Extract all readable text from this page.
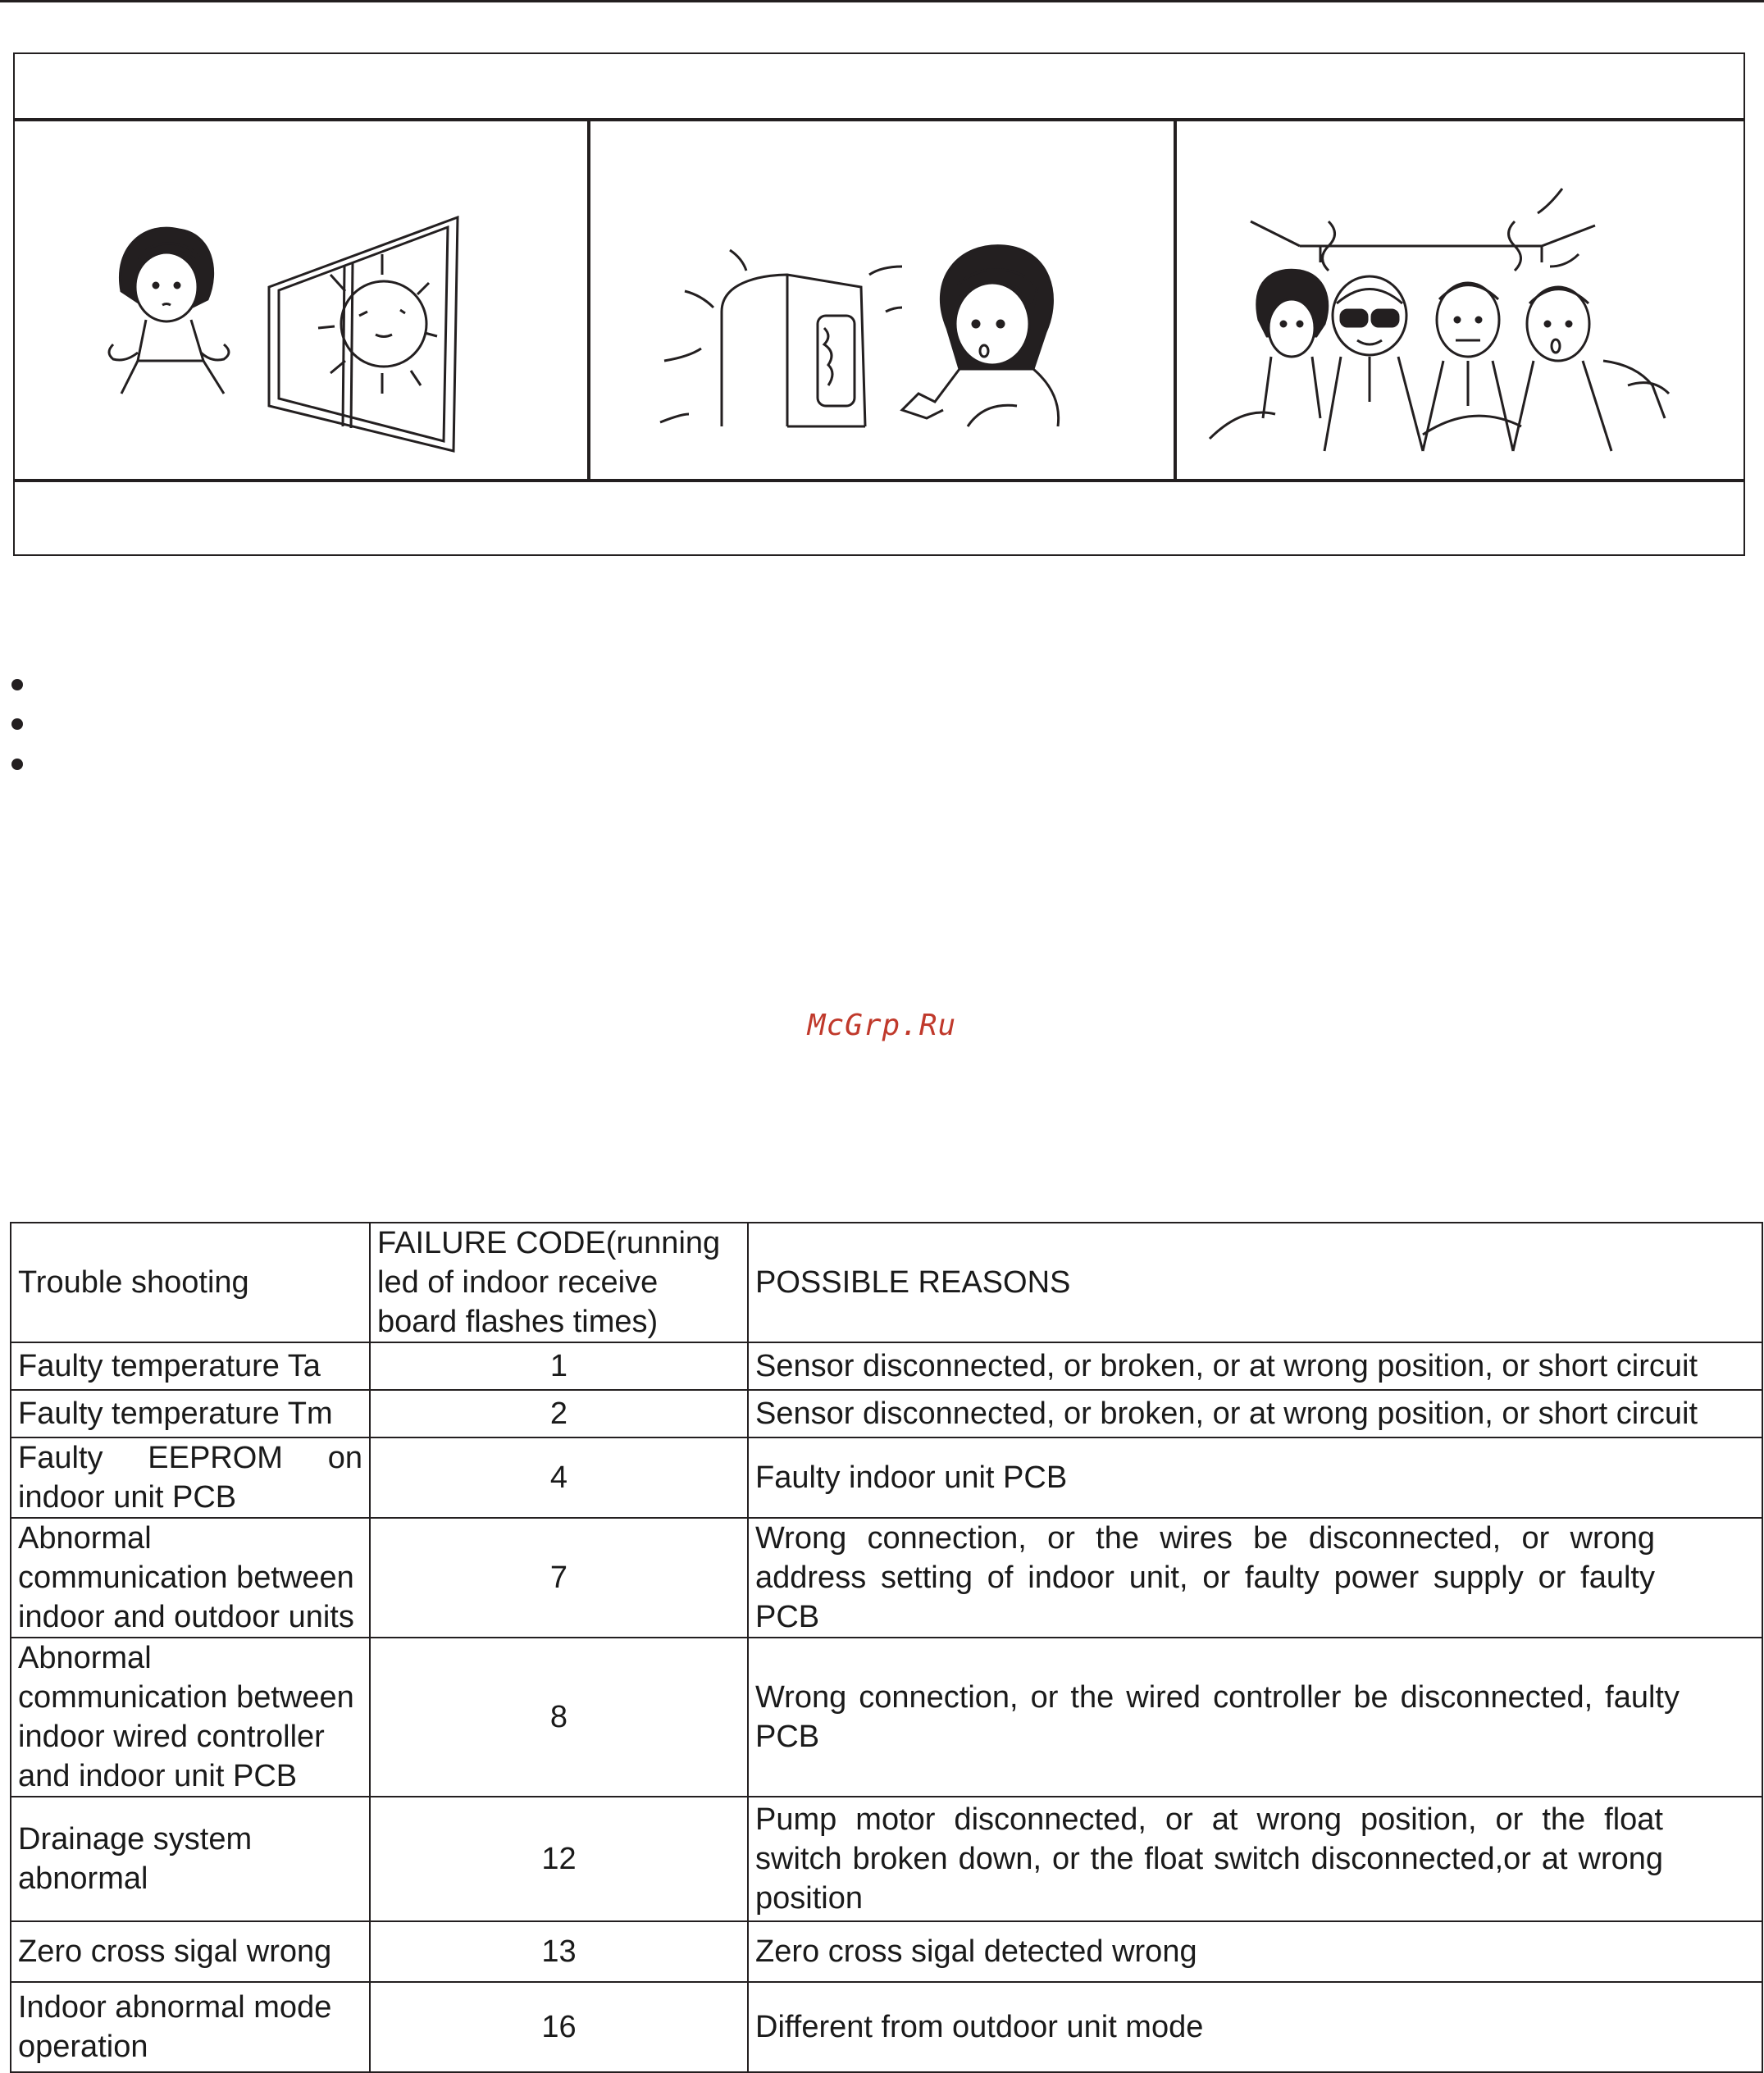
McGrp.Ru
Trouble shooting	FAILURE CODE(running led of indoor receive board flashes times)	POSSIBLE REASONS
Faulty temperature Ta	1	Sensor disconnected, or broken, or at wrong position, or short circuit
Faulty temperature Tm	2	Sensor disconnected, or broken, or at wrong position, or short circuit
Faulty EEPROM on indoor unit PCB	4	Faulty indoor unit PCB
Abnormal communication between indoor and outdoor units	7	Wrong connection, or the wires be disconnected, or wrong address setting of indoor unit, or faulty power supply or faulty PCB
Abnormal communication between indoor wired controller and indoor unit PCB	8	Wrong connection, or the wired controller be disconnected, faulty PCB
Drainage system abnormal	12	Pump motor disconnected, or at wrong position, or the float switch broken down, or the float switch disconnected,or at wrong position
Zero cross sigal wrong	13	Zero cross sigal detected wrong
Indoor abnormal mode operation	16	Different from outdoor unit mode
